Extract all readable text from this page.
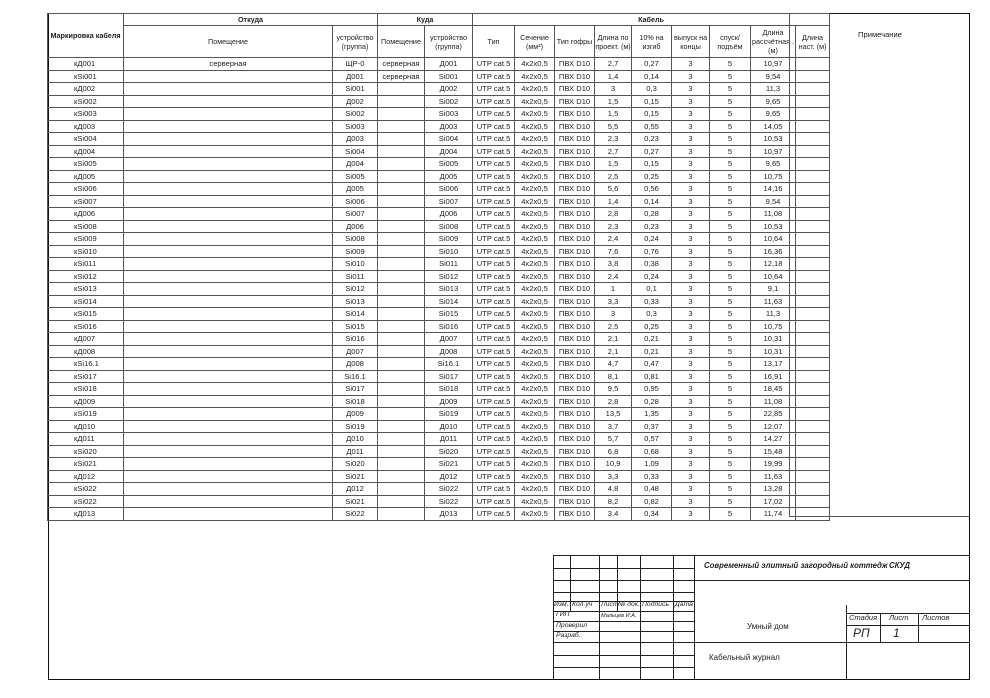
Маркировка кабеля	Откуда		Куда		Кабель								
	Помещение	устройство (группа)	Помещение	устройство (группа)	Тип	Сечение (мм²)	Тип гофры	Длина по проект. (м)	10% на изгиб	выпуск на концы	спуск/подъём	Длина рассчётная . (м)	Длина наст. (м)
кД001	серверная	ЩР-0	серверная	Д001	UTP cat.5	4х2х0,5	ПВХ D10	2,7	0,27	3	5	10,97	
кSi001		Д001	серверная	Si001	UTP cat.5	4х2х0,5	ПВХ D10	1,4	0,14	3	5	9,54	
кД002		Si001		Д002	UTP cat.5	4х2х0,5	ПВХ D10	3	0,3	3	5	11,3	
кSi002		Д002		Si002	UTP cat.5	4х2х0,5	ПВХ D10	1,5	0,15	3	5	9,65	
кSi003		Si002		Si003	UTP cat.5	4х2х0,5	ПВХ D10	1,5	0,15	3	5	9,65	
кД003		Si003		Д003	UTP cat.5	4х2х0,5	ПВХ D10	5,5	0,55	3	5	14,05	
кSi004		Д003		Si004	UTP cat.5	4х2х0,5	ПВХ D10	2,3	0,23	3	5	10,53	
кД004		Si004		Д004	UTP cat.5	4х2х0,5	ПВХ D10	2,7	0,27	3	5	10,97	
кSi005		Д004		Si005	UTP cat.5	4х2х0,5	ПВХ D10	1,5	0,15	3	5	9,65	
кД005		Si005		Д005	UTP cat.5	4х2х0,5	ПВХ D10	2,5	0,25	3	5	10,75	
кSi006		Д005		Si006	UTP cat.5	4х2х0,5	ПВХ D10	5,6	0,56	3	5	14,16	
кSi007		Si006		Si007	UTP cat.5	4х2х0,5	ПВХ D10	1,4	0,14	3	5	9,54	
кД006		Si007		Д006	UTP cat.5	4х2х0,5	ПВХ D10	2,8	0,28	3	5	11,08	
кSi008		Д006		Si008	UTP cat.5	4х2х0,5	ПВХ D10	2,3	0,23	3	5	10,53	
кSi009		Si008		Si009	UTP cat.5	4х2х0,5	ПВХ D10	2,4	0,24	3	5	10,64	
кSi010		Si009		Si010	UTP cat.5	4х2х0,5	ПВХ D10	7,6	0,76	3	5	16,36	
кSi011		Si010		Si011	UTP cat.5	4х2х0,5	ПВХ D10	3,8	0,38	3	5	12,18	
кSi012		Si011		Si012	UTP cat.5	4х2х0,5	ПВХ D10	2,4	0,24	3	5	10,64	
кSi013		Si012		Si013	UTP cat.5	4х2х0,5	ПВХ D10	1	0,1	3	5	9,1	
кSi014		Si013		Si014	UTP cat.5	4х2х0,5	ПВХ D10	3,3	0,33	3	5	11,63	
кSi015		Si014		Si015	UTP cat.5	4х2х0,5	ПВХ D10	3	0,3	3	5	11,3	
кSi016		Si015		Si016	UTP cat.5	4х2х0,5	ПВХ D10	2,5	0,25	3	5	10,75	
кД007		Si016		Д007	UTP cat.5	4х2х0,5	ПВХ D10	2,1	0,21	3	5	10,31	
кД008		Д007		Д008	UTP cat.5	4х2х0,5	ПВХ D10	2,1	0,21	3	5	10,31	
кSi16.1		Д008		Si16.1	UTP cat.5	4х2х0,5	ПВХ D10	4,7	0,47	3	5	13,17	
кSi017		Si16.1		Si017	UTP cat.5	4х2х0,5	ПВХ D10	8,1	0,81	3	5	16,91	
кSi018		Si017		Si018	UTP cat.5	4х2х0,5	ПВХ D10	9,5	0,95	3	5	18,45	
кД009		Si018		Д009	UTP cat.5	4х2х0,5	ПВХ D10	2,8	0,28	3	5	11,08	
кSi019		Д009		Si019	UTP cat.5	4х2х0,5	ПВХ D10	13,5	1,35	3	5	22,85	
кД010		Si019		Д010	UTP cat.5	4х2х0,5	ПВХ D10	3,7	0,37	3	5	12,07	
кД011		Д010		Д011	UTP cat.5	4х2х0,5	ПВХ D10	5,7	0,57	3	5	14,27	
кSi020		Д011		Si020	UTP cat.5	4х2х0,5	ПВХ D10	6,8	0,68	3	5	15,48	
кSi021		Si020		Si021	UTP cat.5	4х2х0,5	ПВХ D10	10,9	1,09	3	5	19,99	
кД012		Si021		Д012	UTP cat.5	4х2х0,5	ПВХ D10	3,3	0,33	3	5	11,63	
кSi022		Д012		Si022	UTP cat.5	4х2х0,5	ПВХ D10	4,8	0,48	3	5	13,28	
кSi022		Si021		Si022	UTP cat.5	4х2х0,5	ПВХ D10	8,2	0,82	3	5	17,02	
кД013		Si022		Д013	UTP cat.5	4х2х0,5	ПВХ D10	3,4	0,34	3	5	11,74	
Примечание
Изм. Кол.уч Лист № док. Подпись Дата
ГИП	Мальцев И.А.
Проверил
Разраб.
Современный элитный загородный коттедж СКУД
Умный дом
Кабельный журнал
Стадия Лист Листов
РП 1
